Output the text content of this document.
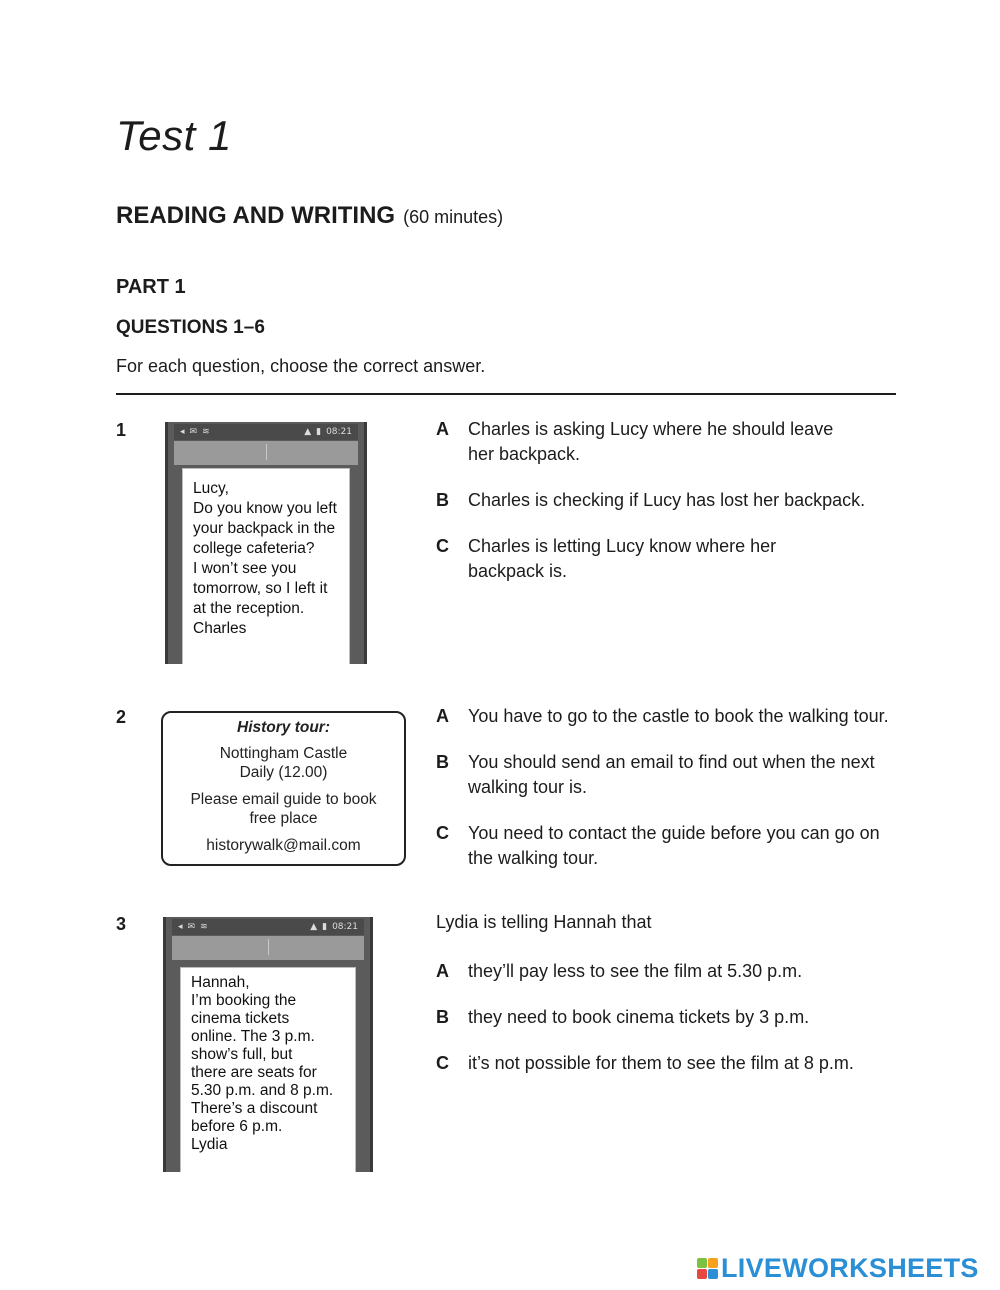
Test 1
READING AND WRITING (60 minutes)
PART 1
QUESTIONS 1–6
For each question, choose the correct answer.
1	◂ ✉ ≋	▲ ▮ 08:21
Lucy,
Do you know you left
your backpack in the
college cafeteria?
I won’t see you
tomorrow, so I left it
at the reception.
Charles
A	Charles is asking Lucy where he should leave her backpack.
B	Charles is checking if Lucy has lost her backpack.
C	Charles is letting Lucy know where her backpack is.
2
History tour:
Nottingham Castle
Daily (12.00)
Please email guide to book
free place
historywalk@mail.com
A	You have to go to the castle to book the walking tour.
B	You should send an email to find out when the next walking tour is.
C	You need to contact the guide before you can go on the walking tour.
3	◂ ✉ ≋	▲ ▮ 08:21
Hannah,
I’m booking the
cinema tickets
online. The 3 p.m.
show’s full, but
there are seats for
5.30 p.m. and 8 p.m.
There’s a discount
before 6 p.m.
Lydia
Lydia is telling Hannah that
A	they’ll pay less to see the film at 5.30 p.m.
B	they need to book cinema tickets by 3 p.m.
C	it’s not possible for them to see the film at 8 p.m.
LIVEWORKSHEETS
